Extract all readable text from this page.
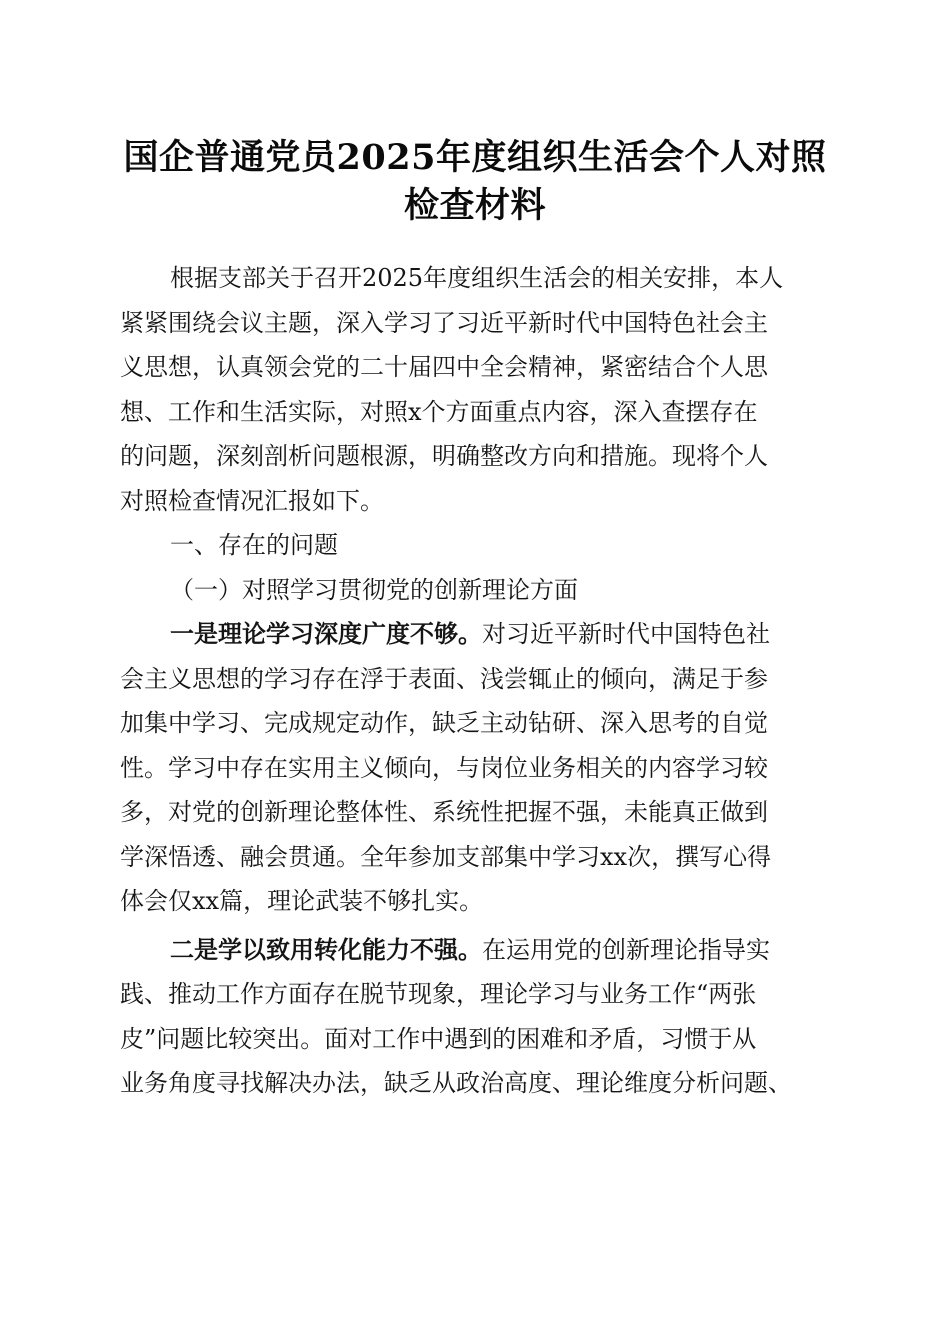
国企普通党员2025年度组织生活会个人对照
检查材料
根据支部关于召开2025年度组织生活会的相关安排，本人
紧紧围绕会议主题，深入学习了习近平新时代中国特色社会主
义思想，认真领会党的二十届四中全会精神，紧密结合个人思
想、工作和生活实际，对照x个方面重点内容，深入查摆存在
的问题，深刻剖析问题根源，明确整改方向和措施。现将个人
对照检查情况汇报如下。
一、存在的问题
（一）对照学习贯彻党的创新理论方面
一是理论学习深度广度不够。对习近平新时代中国特色社
会主义思想的学习存在浮于表面、浅尝辄止的倾向，满足于参
加集中学习、完成规定动作，缺乏主动钻研、深入思考的自觉
性。学习中存在实用主义倾向，与岗位业务相关的内容学习较
多，对党的创新理论整体性、系统性把握不强，未能真正做到
学深悟透、融会贯通。全年参加支部集中学习xx次，撰写心得
体会仅xx篇，理论武装不够扎实。
二是学以致用转化能力不强。在运用党的创新理论指导实
践、推动工作方面存在脱节现象，理论学习与业务工作“两张
皮”问题比较突出。面对工作中遇到的困难和矛盾，习惯于从
业务角度寻找解决办法，缺乏从政治高度、理论维度分析问题、
